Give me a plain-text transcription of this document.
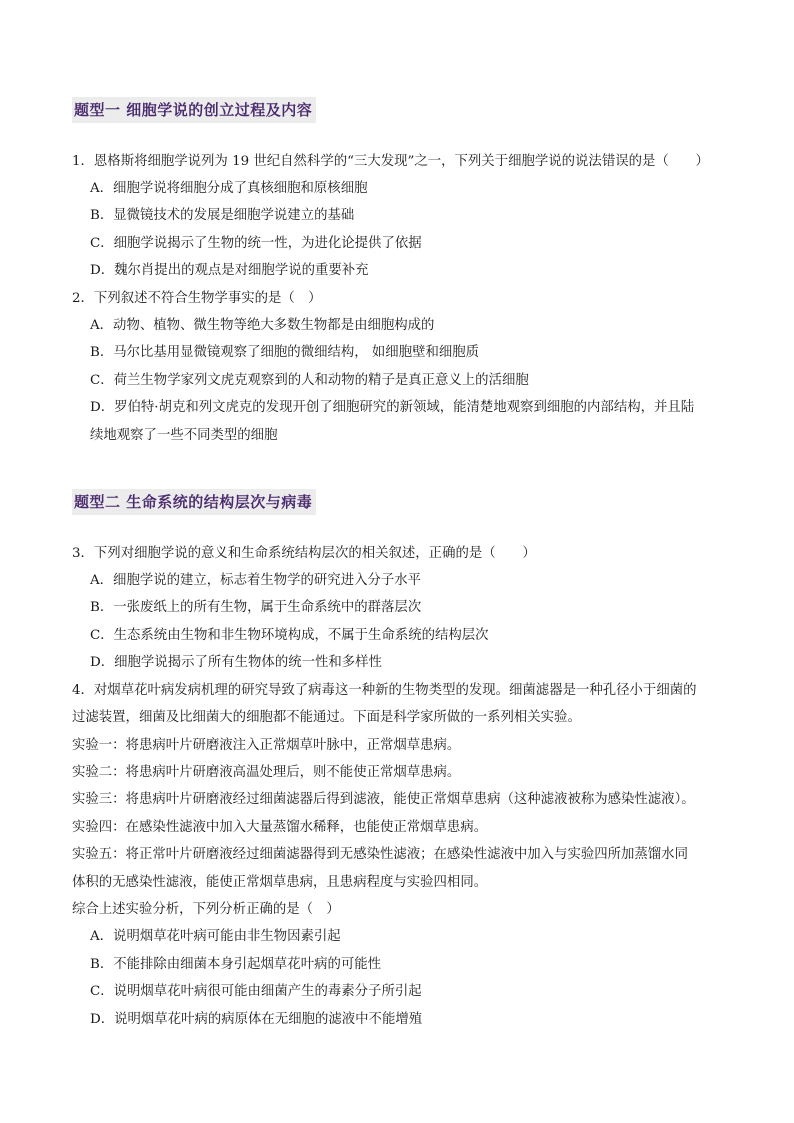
题型一 细胞学说的创立过程及内容
1．恩格斯将细胞学说列为 19 世纪自然科学的“三大发现”之一，下列关于细胞学说的说法错误的是（　　）
A．细胞学说将细胞分成了真核细胞和原核细胞
B．显微镜技术的发展是细胞学说建立的基础
C．细胞学说揭示了生物的统一性，为进化论提供了依据
D．魏尔肖提出的观点是对细胞学说的重要补充
2．下列叙述不符合生物学事实的是（　）
A．动物、植物、微生物等绝大多数生物都是由细胞构成的
B．马尔比基用显微镜观察了细胞的微细结构， 如细胞壁和细胞质
C．荷兰生物学家列文虎克观察到的人和动物的精子是真正意义上的活细胞
D．罗伯特·胡克和列文虎克的发现开创了细胞研究的新领域，能清楚地观察到细胞的内部结构，并且陆
续地观察了一些不同类型的细胞
题型二 生命系统的结构层次与病毒
3．下列对细胞学说的意义和生命系统结构层次的相关叙述，正确的是（　　）
A．细胞学说的建立，标志着生物学的研究进入分子水平
B．一张废纸上的所有生物，属于生命系统中的群落层次
C．生态系统由生物和非生物环境构成，不属于生命系统的结构层次
D．细胞学说揭示了所有生物体的统一性和多样性
4．对烟草花叶病发病机理的研究导致了病毒这一种新的生物类型的发现。细菌滤器是一种孔径小于细菌的
过滤装置，细菌及比细菌大的细胞都不能通过。下面是科学家所做的一系列相关实验。
实验一：将患病叶片研磨液注入正常烟草叶脉中，正常烟草患病。
实验二：将患病叶片研磨液高温处理后，则不能使正常烟草患病。
实验三：将患病叶片研磨液经过细菌滤器后得到滤液，能使正常烟草患病（这种滤液被称为感染性滤液）。
实验四：在感染性滤液中加入大量蒸馏水稀释，也能使正常烟草患病。
实验五：将正常叶片研磨液经过细菌滤器得到无感染性滤液；在感染性滤液中加入与实验四所加蒸馏水同
体积的无感染性滤液，能使正常烟草患病，且患病程度与实验四相同。
综合上述实验分析，下列分析正确的是（　）
A．说明烟草花叶病可能由非生物因素引起
B．不能排除由细菌本身引起烟草花叶病的可能性
C．说明烟草花叶病很可能由细菌产生的毒素分子所引起
D．说明烟草花叶病的病原体在无细胞的滤液中不能增殖
